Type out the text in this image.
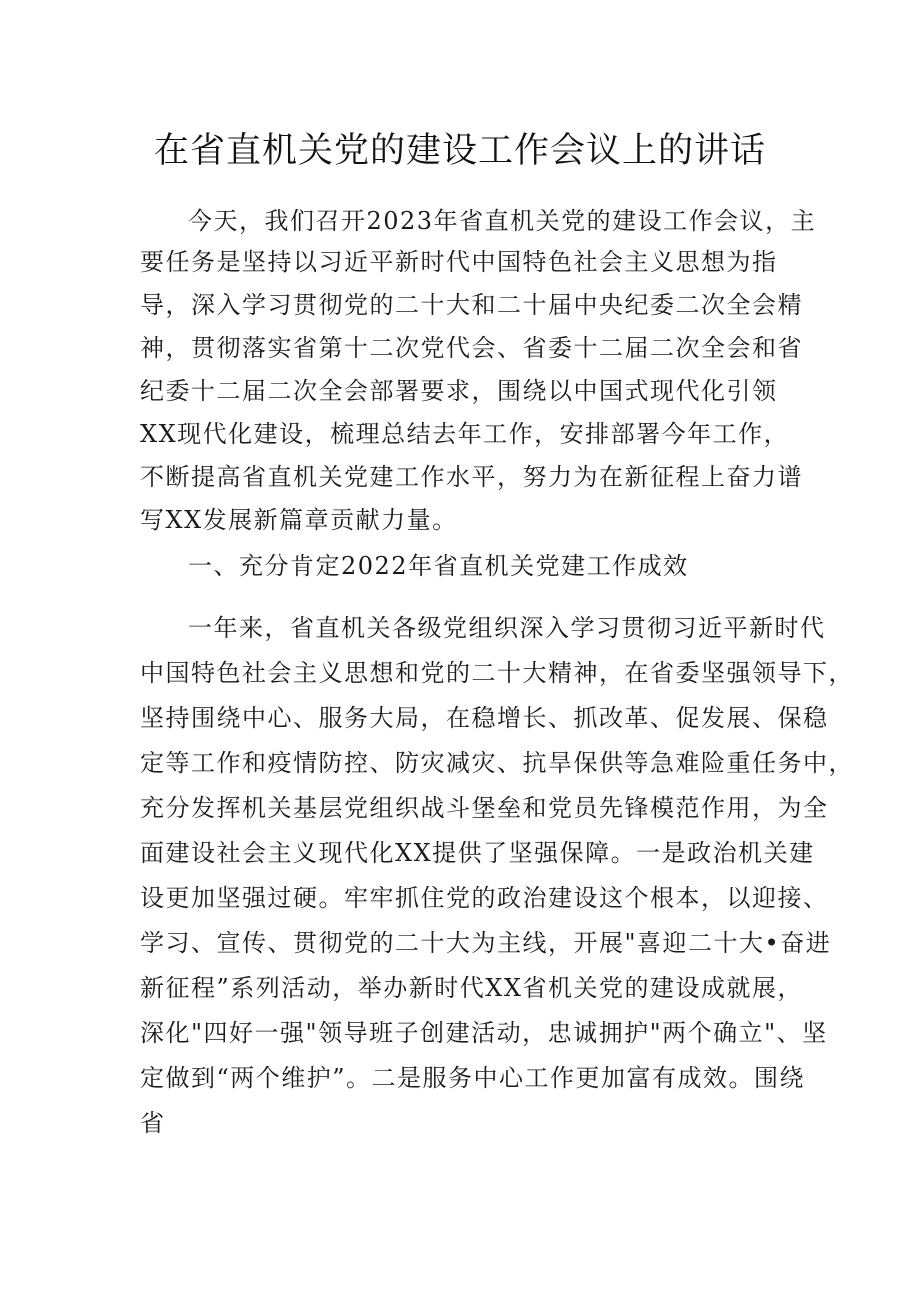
在省直机关党的建设工作会议上的讲话

今天，我们召开2023年省直机关党的建设工作会议，主

要任务是坚持以习近平新时代中国特色社会主义思想为指

导，深入学习贯彻党的二十大和二十届中央纪委二次全会精

神，贯彻落实省第十二次党代会、省委十二届二次全会和省

纪委十二届二次全会部署要求，围绕以中国式现代化引领

XX现代化建设，梳理总结去年工作，安排部署今年工作，

不断提高省直机关党建工作水平，努力为在新征程上奋力谱

写XX发展新篇章贡献力量。

一、充分肯定2022年省直机关党建工作成效

一年来，省直机关各级党组织深入学习贯彻习近平新时代

中国特色社会主义思想和党的二十大精神，在省委坚强领导下，

坚持围绕中心、服务大局，在稳增长、抓改革、促发展、保稳

定等工作和疫情防控、防灾减灾、抗旱保供等急难险重任务中，

充分发挥机关基层党组织战斗堡垒和党员先锋模范作用，为全

面建设社会主义现代化XX提供了坚强保障。一是政治机关建

设更加坚强过硬。牢牢抓住党的政治建设这个根本，以迎接、

学习、宣传、贯彻党的二十大为主线，开展"喜迎二十大•奋进

新征程”系列活动，举办新时代XX省机关党的建设成就展，

深化"四好一强"领导班子创建活动，忠诚拥护"两个确立"、坚

定做到“两个维护”。二是服务中心工作更加富有成效。围绕

省
